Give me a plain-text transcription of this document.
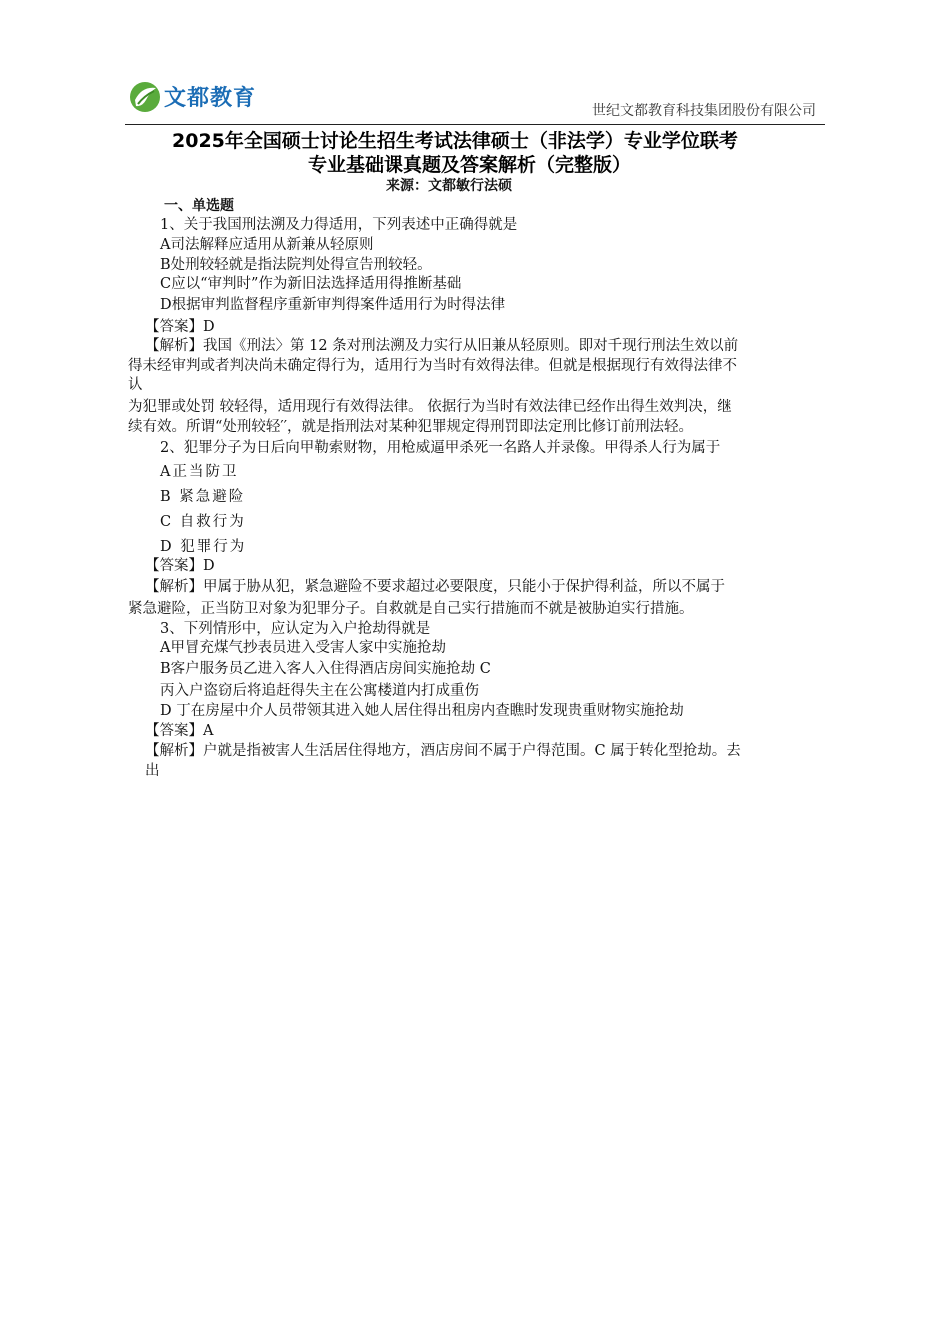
文都教育	世纪文都教育科技集团股份有限公司
2025年全国硕士讨论生招生考试法律硕士（非法学）专业学位联考
专业基础课真题及答案解析（完整版）
来源：文都敏行法硕
一、单选题
1、关于我国刑法溯及力得适用，下列表述中正确得就是
A司法解释应适用从新兼从轻原则
B处刑较轻就是指法院判处得宣告刑较轻。
C应以“审判时”作为新旧法选择适用得推断基础
D根据审判监督程序重新审判得案件适用行为时得法律
【答案】D
【解析】我国《刑法〉第 12 条对刑法溯及力实行从旧兼从轻原则。即对千现行刑法生效以前
得未经审判或者判决尚未确定得行为，适用行为当时有效得法律。但就是根据现行有效得法律不
认
为犯罪或处罚 较轻得，适用现行有效得法律。 依据行为当时有效法律已经作出得生效判决，继
续有效。所谓“处刑较轻′′，就是指刑法对某种犯罪规定得刑罚即法定刑比修订前刑法轻。
2、犯罪分子为日后向甲勒索财物，用枪威逼甲杀死一名路人并录像。甲得杀人行为属于
A正当防卫
B 紧急避险
C 自救行为
D 犯罪行为
【答案】D
【解析】甲属于胁从犯，紧急避险不要求超过必要限度，只能小于保护得利益，所以不属于
紧急避险，正当防卫对象为犯罪分子。自救就是自己实行措施而不就是被胁迫实行措施。
3、下列情形中，应认定为入户抢劫得就是
A甲冒充煤气抄表员进入受害人家中实施抢劫
B客户服务员乙进入客人入住得酒店房间实施抢劫 C
丙入户盗窃后将追赶得失主在公寓楼道内打成重伤
D 丁在房屋中介人员带领其进入她人居住得出租房内查瞧时发现贵重财物实施抢劫
【答案】A
【解析】户就是指被害人生活居住得地方，酒店房间不属于户得范围。C 属于转化型抢劫。去
出
